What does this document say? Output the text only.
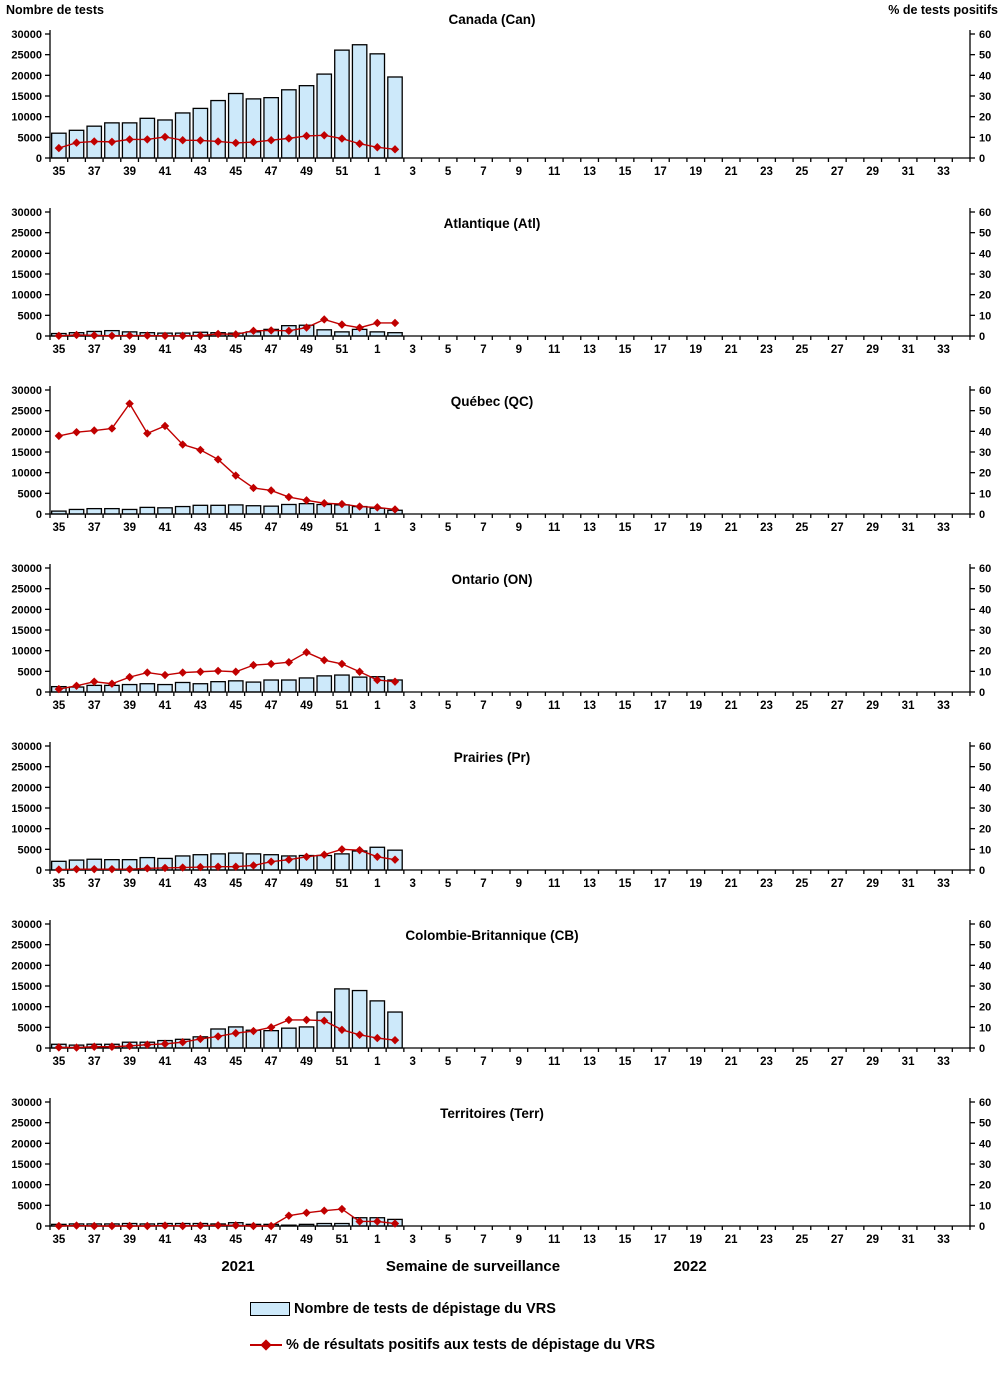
Nombre de tests	% de tests positifs
Canada (Can)
0
5000
10000
15000
20000
25000
30000
0
10
20
30
40
50
60
35 37 39 41 43 45 47 49 51 1	3	5	7	9 11 13 15 17 19 21 23 25 27 29 31 33
Atlantique (Atl)
0
5000
10000
15000
20000
25000
30000
0
10
20
30
40
50
60
35 37 39 41 43 45 47 49 51 1	3	5	7	9 11 13 15 17 19 21 23 25 27 29 31 33
Québec (QC)
0
5000
10000
15000
20000
25000
30000
0
10
20
30
40
50
60
35 37 39 41 43 45 47 49 51 1	3	5	7	9 11 13 15 17 19 21 23 25 27 29 31 33
Ontario (ON)
0
5000
10000
15000
20000
25000
30000
0
10
20
30
40
50
60
35 37 39 41 43 45 47 49 51 1	3	5	7	9 11 13 15 17 19 21 23 25 27 29 31 33
Prairies (Pr)
0
5000
10000
15000
20000
25000
30000
0
10
20
30
40
50
60
35 37 39 41 43 45 47 49 51 1	3	5	7	9 11 13 15 17 19 21 23 25 27 29 31 33
Colombie-Britannique (CB)
0
5000
10000
15000
20000
25000
30000
0
10
20
30
40
50
60
35 37 39 41 43 45 47 49 51 1	3	5	7	9 11 13 15 17 19 21 23 25 27 29 31 33
Territoires (Terr)
0
5000
10000
15000
20000
25000
30000
0
10
20
30
40
50
60
35 37 39 41 43 45 47 49 51 1	3	5	7	9 11 13 15 17 19 21 23 25 27 29 31 33
2021	Semaine de surveillance	2022
Nombre de tests de dépistage du VRS
% de résultats positifs aux tests de dépistage du VRS
